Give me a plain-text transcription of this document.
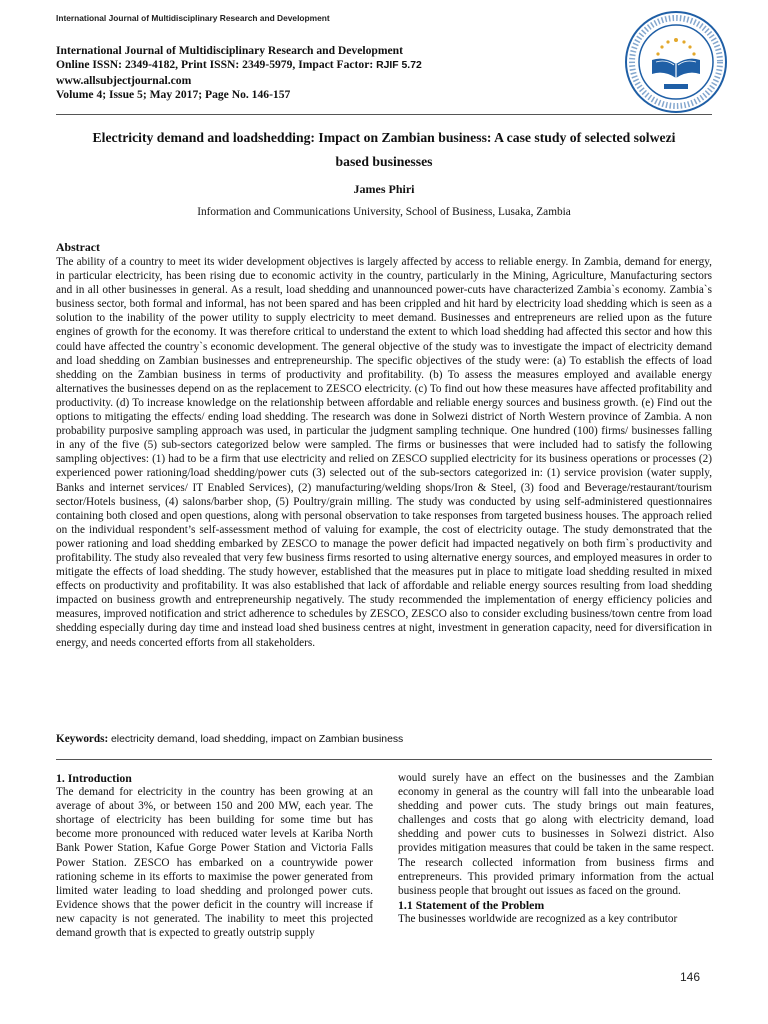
International Journal of Multidisciplinary Research and Development
International Journal of Multidisciplinary Research and Development
Online ISSN: 2349-4182, Print ISSN: 2349-5979, Impact Factor: RJIF 5.72
www.allsubjectjournal.com
Volume 4; Issue 5; May 2017; Page No. 146-157
Electricity demand and loadshedding: Impact on Zambian business: A case study of selected solwezi
based businesses
James Phiri
Information and Communications University, School of Business, Lusaka, Zambia
Abstract
The ability of a country to meet its wider development objectives is largely affected by access to reliable energy. In Zambia, demand for energy, in particular electricity, has been rising due to economic activity in the country, particularly in the Mining, Agriculture, Manufacturing sectors and in all other businesses in general. As a result, load shedding and unannounced power-cuts have characterized Zambia`s economy. Zambia`s business sector, both formal and informal, has not been spared and has been crippled and hit hard by electricity load shedding which is seen as a solution to the inability of the power utility to supply electricity to meet demand. Businesses and entrepreneurs are relied upon as the future engines of growth for the economy. It was therefore critical to understand the extent to which load shedding had affected this sector and how this could have affected the country`s economic development. The general objective of the study was to investigate the impact of electricity demand and load shedding on Zambian businesses and entrepreneurship. The specific objectives of the study were: (a) To establish the effects of load shedding on the Zambian business in terms of productivity and profitability. (b) To assess the measures employed and available energy alternatives the businesses depend on as the replacement to ZESCO electricity. (c) To find out how these measures have affected profitability and productivity. (d) To increase knowledge on the relationship between affordable and reliable energy sources and business growth. (e) Find out the options to mitigating the effects/ ending load shedding. The research was done in Solwezi district of North Western province of Zambia. A non probability purposive sampling approach was used, in particular the judgment sampling technique. One hundred (100) firms/ businesses falling in any of the five (5) sub-sectors categorized below were sampled. The firms or businesses that were included had to satisfy the following sampling objectives: (1) had to be a firm that use electricity and relied on ZESCO supplied electricity for its business operations or processes (2) experienced power rationing/load shedding/power cuts (3) selected out of the sub-sectors categorized in: (1) service provision (water supply, Banks and internet services/ IT Enabled Services), (2) manufacturing/welding shops/Iron & Steel, (3) food and Beverage/restaurant/tourism sector/Hotels business, (4) salons/barber shop, (5) Poultry/grain milling. The study was conducted by using self-administered questionnaires containing both closed and open questions, along with personal observation to take responses from targeted business houses. The approach relied on the individual respondent’s self-assessment method of valuing for example, the cost of electricity outage. The study demonstrated that the power rationing and load shedding embarked by ZESCO to manage the power deficit had impacted negatively on both firm`s productivity and profitability. The study also revealed that very few business firms resorted to using alternative energy sources, and employed measures in order to mitigate the effects of load shedding. The study however, established that the measures put in place to mitigate load shedding resulted in mixed effects on productivity and profitability. It was also established that lack of affordable and reliable energy sources resulting from load shedding impacted on business growth and entrepreneurship negatively. The study recommended the implementation of energy efficiency policies and measures, improved notification and strict adherence to schedules by ZESCO, ZESCO also to consider excluding business/town centre from load shedding especially during day time and instead load shed business centres at night, investment in generation capacity, need for diversification in energy, and needs concerted efforts from all stakeholders.
Keywords: electricity demand, load shedding, impact on Zambian business

1. Introduction

The demand for electricity in the country has been growing at an average of about 3%, or between 150 and 200 MW, each year. The shortage of electricity has been building for some time but has become more pronounced with reduced water levels at Kariba North Bank Power Station, Kafue Gorge Power Station and Victoria Falls Power Station. ZESCO has embarked on a countrywide power rationing scheme in its efforts to maximise the power generated from limited water leading to load shedding and prolonged power cuts. Evidence shows that the power deficit in the country will increase if new capacity is not generated. The inability to meet this projected demand growth that is expected to greatly outstrip supply

would surely have an effect on the businesses and the Zambian economy in general as the country will fall into the unbearable load shedding and power cuts. The study brings out main features, challenges and costs that go along with electricity demand, load shedding and power cuts to businesses in Solwezi district. Also provides mitigation measures that could be taken in the same respect. The research collected information from business firms and entrepreneurs. This provided primary information from the actual business people that brought out issues as faced on the ground.

1.1 Statement of the Problem

The businesses worldwide are recognized as a key contributor

146
